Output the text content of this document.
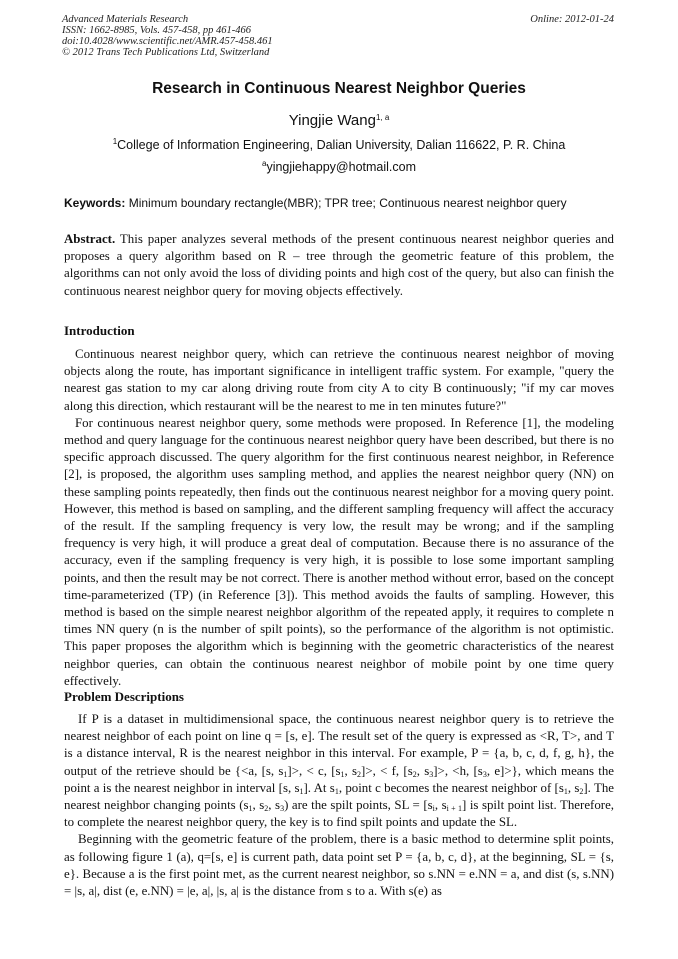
Advanced Materials Research
ISSN: 1662-8985, Vols. 457-458, pp 461-466
doi:10.4028/www.scientific.net/AMR.457-458.461
© 2012 Trans Tech Publications Ltd, Switzerland
Online: 2012-01-24
Research in Continuous Nearest Neighbor Queries
Yingjie Wang$^{1, a}$
$^1$College of Information Engineering, Dalian University, Dalian 116622, P. R. China
$^a$yingjiehappy@hotmail.com
Keywords: Minimum boundary rectangle(MBR); TPR tree; Continuous nearest neighbor query

Abstract. This paper analyzes several methods of the present continuous nearest neighbor queries and proposes a query algorithm based on R – tree through the geometric feature of this problem, the algorithms can not only avoid the loss of dividing points and high cost of the query, but also can finish the continuous nearest neighbor query for moving objects effectively.

Introduction

Continuous nearest neighbor query, which can retrieve the continuous nearest neighbor of moving objects along the route, has important significance in intelligent traffic system. For example, "query the nearest gas station to my car along driving route from city A to city B continuously; "if my car moves along this direction, which restaurant will be the nearest to me in ten minutes future?"

For continuous nearest neighbor query, some methods were proposed. In Reference [1], the modeling method and query language for the continuous nearest neighbor query have been described, but there is no specific approach discussed. The query algorithm for the first continuous nearest neighbor, in Reference [2], is proposed, the algorithm uses sampling method, and applies the nearest neighbor query (NN) on these sampling points repeatedly, then finds out the continuous nearest neighbor for a moving query point. However, this method is based on sampling, and the different sampling frequency will affect the accuracy of the result. If the sampling frequency is very low, the result may be wrong; and if the sampling frequency is very high, it will produce a great deal of computation. Because there is no assurance of the accuracy, even if the sampling frequency is very high, it is possible to lose some important sampling points, and then the result may be not correct. There is another method without error, based on the concept time-parameterized (TP) (in Reference [3]). This method avoids the faults of sampling. However, this method is based on the simple nearest neighbor algorithm of the repeated apply, it requires to complete n times NN query (n is the number of spilt points), so the performance of the algorithm is not optimistic. This paper proposes the algorithm which is beginning with the geometric characteristics of the nearest neighbor queries, can obtain the continuous nearest neighbor of mobile point by one time query effectively.

Problem Descriptions

If P is a dataset in multidimensional space, the continuous nearest neighbor query is to retrieve the nearest neighbor of each point on line q = [s, e]. The result set of the query is expressed as <R, T>, and T is a distance interval, R is the nearest neighbor in this interval. For example, P = {a, b, c, d, f, g, h}, the output of the retrieve should be {<a, [s, $s_1]>$, < c, [$s_1$, $s_2]>$, < f, [$s_2$, $s_3]>$, <h, [$s_3$, e]>}, which means the point a is the nearest neighbor in interval [s, $s_1$]. At $s_1$, point c becomes the nearest neighbor of [$s_1$, $s_2$]. The nearest neighbor changing points ($s_1$, $s_2$, $s_3$) are the spilt points, SL = [$s_i$, $s_{i + 1}$] is spilt point list. Therefore, to complete the nearest neighbor query, the key is to find spilt points and update the SL.

Beginning with the geometric feature of the problem, there is a basic method to determine split points, as following figure 1 (a), q=[s, e] is current path, data point set P = {a, b, c, d}, at the beginning, SL = {s, e}. Because a is the first point met, as the current nearest neighbor, so s.NN = e.NN = a, and dist (s, s.NN) = |s, a|, dist (e, e.NN) = |e, a|, |s, a| is the distance from s to a. With s(e) as
